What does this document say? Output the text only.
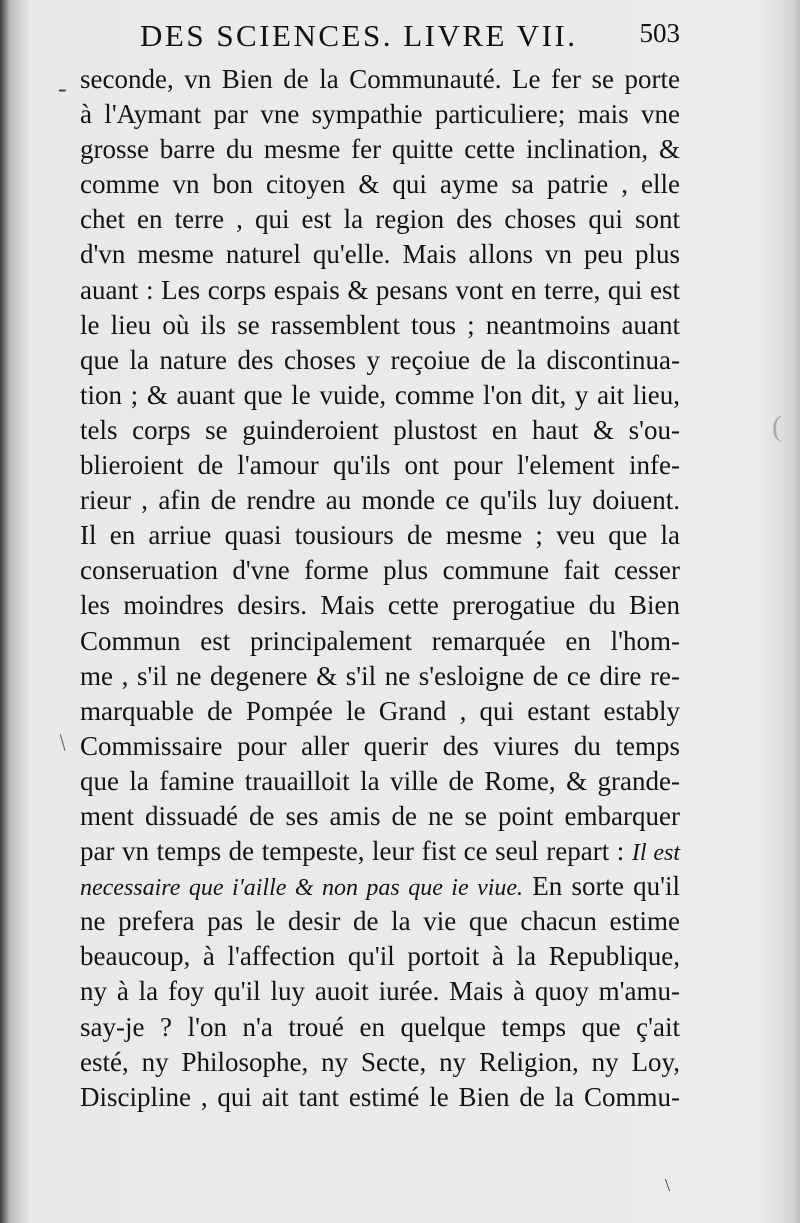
DES SCIENCES. LIVRE VII. 503
-
/
(
seconde, vn Bien de la Communauté. Le fer se porte
à l'Aymant par vne sympathie particuliere; mais vne
grosse barre du mesme fer quitte cette inclination, &
comme vn bon citoyen & qui ayme sa patrie , elle
chet en terre , qui est la region des choses qui sont
d'vn mesme naturel qu'elle. Mais allons vn peu plus
auant : Les corps espais & pesans vont en terre, qui est
le lieu où ils se rassemblent tous ; neantmoins auant
que la nature des choses y reçoiue de la discontinua-
tion ; & auant que le vuide, comme l'on dit, y ait lieu,
tels corps se guinderoient plustost en haut & s'ou-
blieroient de l'amour qu'ils ont pour l'element infe-
rieur , afin de rendre au monde ce qu'ils luy doiuent.
Il en arriue quasi tousiours de mesme ; veu que la
conseruation d'vne forme plus commune fait cesser
les moindres desirs. Mais cette prerogatiue du Bien
Commun est principalement remarquée en l'hom-
me , s'il ne degenere & s'il ne s'esloigne de ce dire re-
marquable de Pompée le Grand , qui estant estably
Commissaire pour aller querir des viures du temps
que la famine trauailloit la ville de Rome, & grande-
ment dissuadé de ses amis de ne se point embarquer
par vn temps de tempeste, leur fist ce seul repart : Il est
necessaire que i'aille & non pas que ie viue. En sorte qu'il
ne prefera pas le desir de la vie que chacun estime
beaucoup, à l'affection qu'il portoit à la Republique,
ny à la foy qu'il luy auoit iurée. Mais à quoy m'amu-
say-je ? l'on n'a troué en quelque temps que ç'ait
esté, ny Philosophe, ny Secte, ny Religion, ny Loy,
Discipline , qui ait tant estimé le Bien de la Commu-
\
